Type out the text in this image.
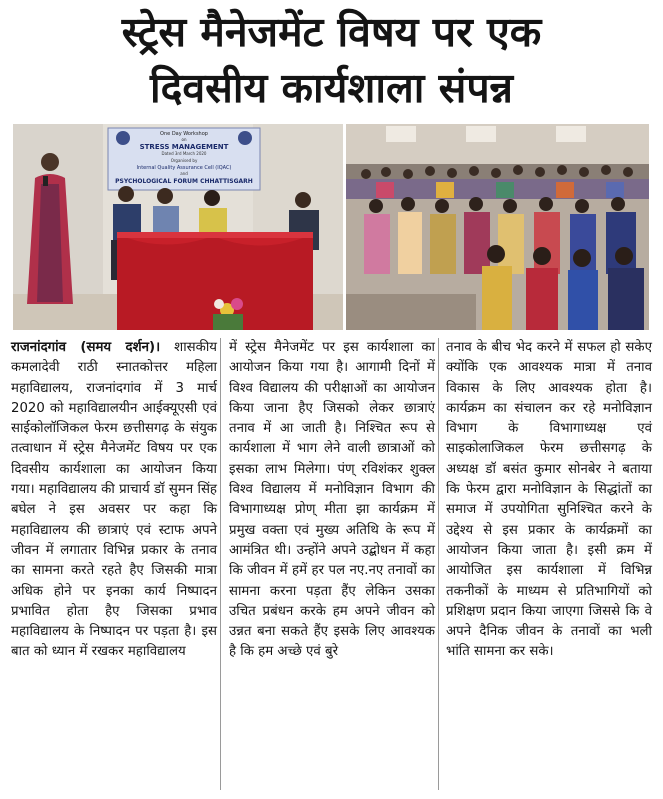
स्ट्रेस मैनेजमेंट विषय पर एक
दिवसीय कार्यशाला संपन्न
One Day Workshop
on
STRESS MANAGEMENT
Dated 3rd March 2020
Organised by
Internal Quality Assurance Cell (IQAC)
and
PSYCHOLOGICAL FORUM CHHATTISGARH
राजनांदगांव (समय दर्शन)। शासकीय कमलादेवी राठी स्नातकोत्तर महिला महाविद्यालय, राजनांदगांव में 3 मार्च 2020 को महाविद्यालयीन आईक्यूएसी एवं साईकोलॉजिकल फेरम छत्तीसगढ़ के संयुक तत्वाधान में स्ट्रेस मैनेजमेंट विषय पर एक दिवसीय कार्यशाला का आयोजन किया गया। महाविद्यालय की प्राचार्य डॉ सुमन सिंह बघेल ने इस अवसर पर कहा कि महाविद्यालय की छात्राएं एवं स्टाफ अपने जीवन में लगातार विभिन्न प्रकार के तनाव का सामना करते रहते हैए जिसकी मात्रा अधिक होने पर इनका कार्य निष्पादन प्रभावित होता हैए जिसका प्रभाव महाविद्यालय के निष्पादन पर पड़ता है। इस बात को ध्यान में रखकर महाविद्यालय
में स्ट्रेस मैनेजमेंट पर इस कार्यशाला का आयोजन किया गया है। आगामी दिनों में विश्व विद्यालय की परीक्षाओं का आयोजन किया जाना हैए जिसको लेकर छात्राएं तनाव में आ जाती है। निश्चित रूप से कार्यशाला में भाग लेने वाली छात्राओं को इसका लाभ मिलेगा। पंण् रविशंकर शुक्ल विश्व विद्यालय में मनोविज्ञान विभाग की विभागाध्यक्ष प्रोण् मीता झा कार्यक्रम में प्रमुख वक्ता एवं मुख्य अतिथि के रूप में आमंत्रित थी। उन्होंने अपने उद्बोधन में कहा कि जीवन में हमें हर पल नए.नए तनावों का सामना करना पड़ता हैंए लेकिन उसका उचित प्रबंधन करके हम अपने जीवन को उन्नत बना सकते हैंए इसके लिए आवश्यक है कि हम अच्छे एवं बुरे
तनाव के बीच भेद करने में सफल हो सकेए क्योंकि एक आवश्यक मात्रा में तनाव विकास के लिए आवश्यक होता है। कार्यक्रम का संचालन कर रहे मनोविज्ञान विभाग के विभागाध्यक्ष एवं साइकोलाजिकल फेरम छत्तीसगढ़ के अध्यक्ष डॉ बसंत कुमार सोनबेर ने बताया कि फेरम द्वारा मनोविज्ञान के सिद्धांतों का समाज में उपयोगिता सुनिश्चित करने के उद्देश्य से इस प्रकार के कार्यक्रमों का आयोजन किया जाता है। इसी क्रम में आयोजित इस कार्यशाला में विभिन्न तकनीकों के माध्यम से प्रतिभागियों को प्रशिक्षण प्रदान किया जाएगा जिससे कि वे अपने दैनिक जीवन के तनावों का भली भांति सामना कर सके।
